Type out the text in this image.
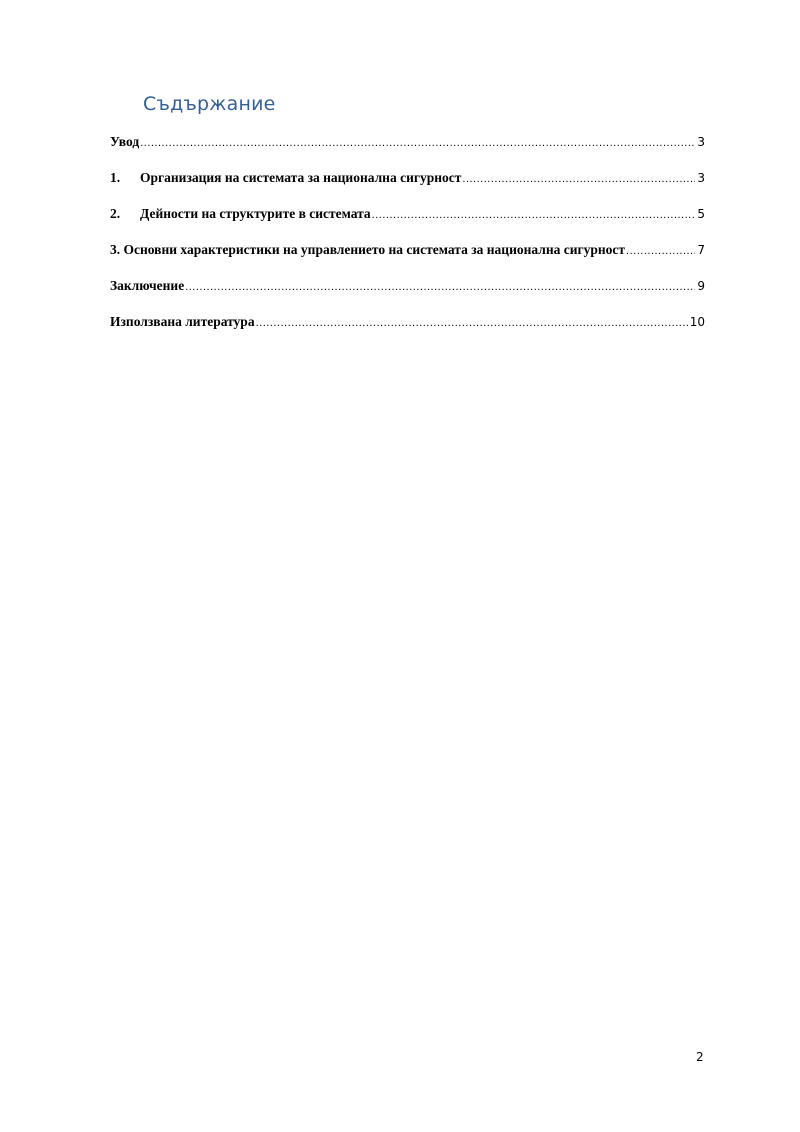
Съдържание
Увод .....	3
1.	Организация на системата за национална сигурност .....	3
2.	Дейности на структурите в системата .....	5
3. Основни характеристики на управлението на системата за национална сигурност .....	7
Заключение .....	9
Използвана литература .....	10
2
